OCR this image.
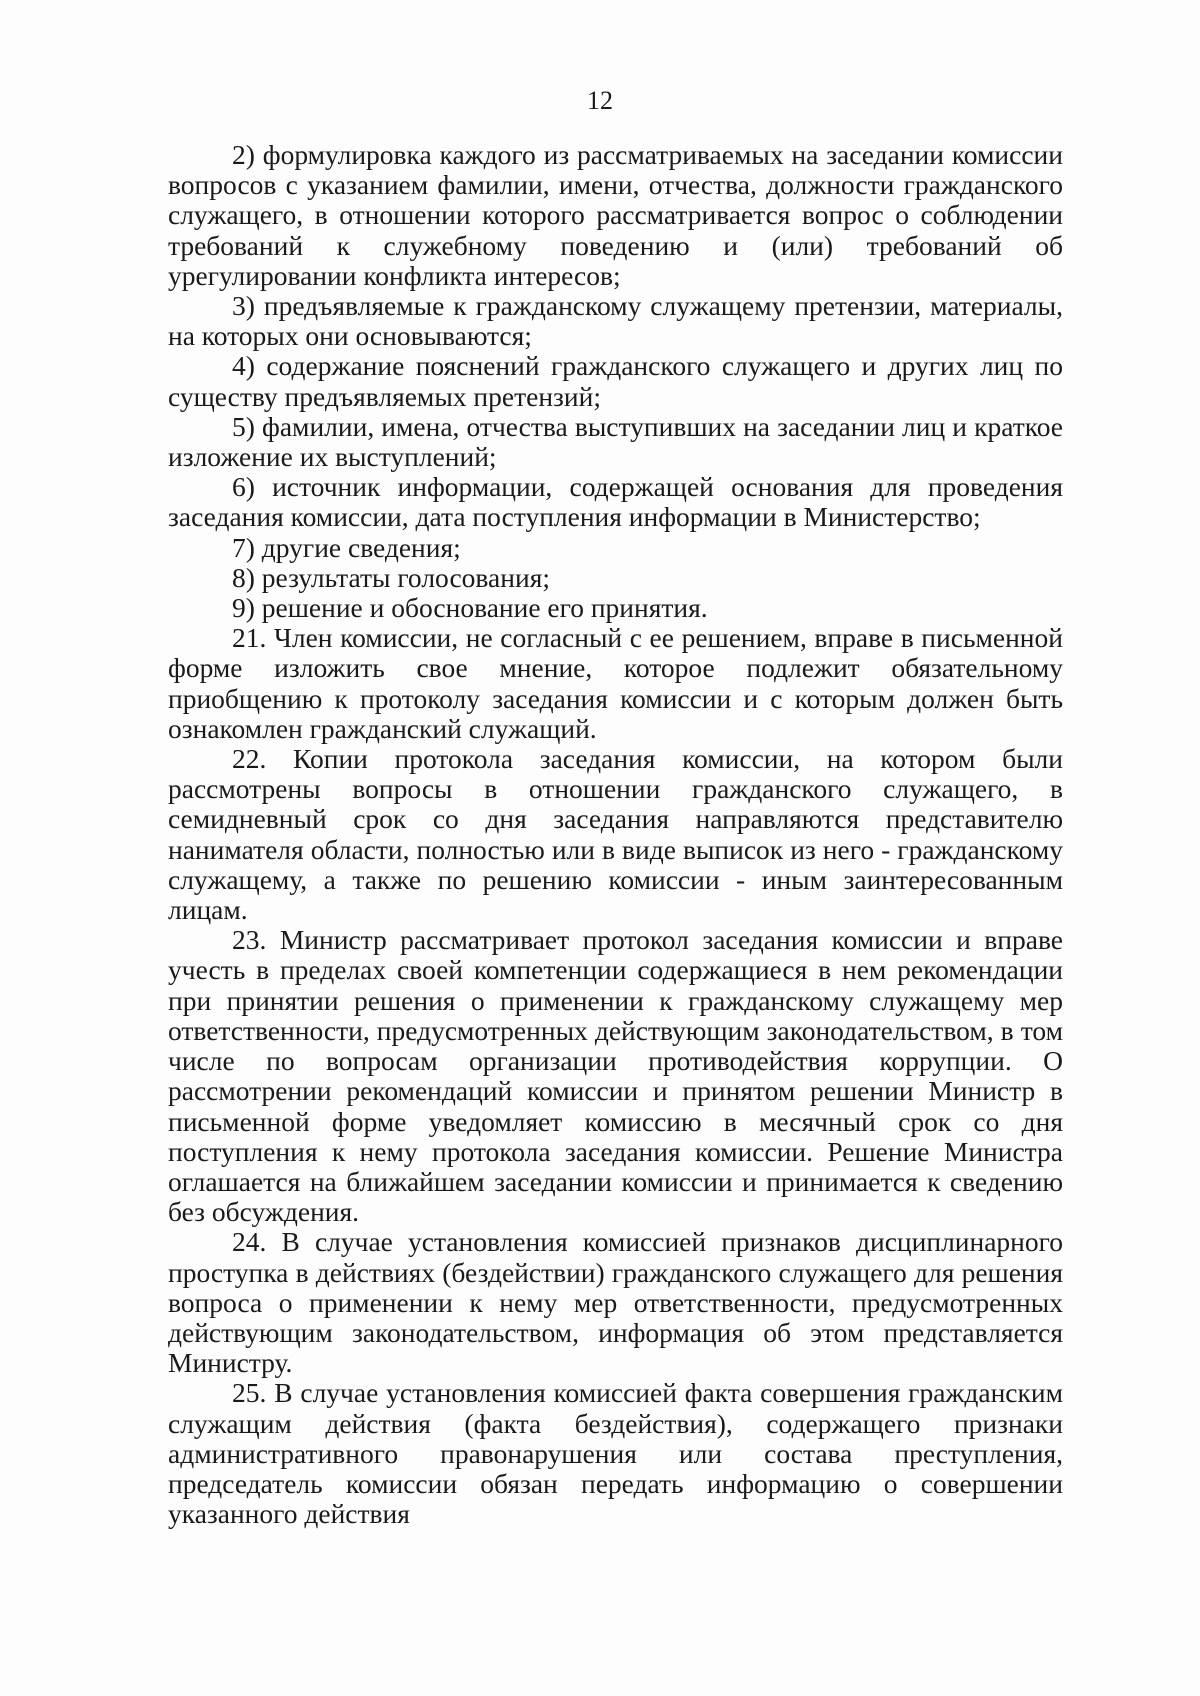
12

2) формулировка каждого из рассматриваемых на заседании комиссии вопросов с указанием фамилии, имени, отчества, должности гражданского служащего, в отношении которого рассматривается вопрос о соблюдении требований к служебному поведению и (или) требований об урегулировании конфликта интересов;

3) предъявляемые к гражданскому служащему претензии, материалы, на которых они основываются;

4) содержание пояснений гражданского служащего и других лиц по существу предъявляемых претензий;

5) фамилии, имена, отчества выступивших на заседании лиц и краткое изложение их выступлений;

6) источник информации, содержащей основания для проведения заседания комиссии, дата поступления информации в Министерство;

7) другие сведения;

8) результаты голосования;

9) решение и обоснование его принятия.

21. Член комиссии, не согласный с ее решением, вправе в письменной форме изложить свое мнение, которое подлежит обязательному приобщению к протоколу заседания комиссии и с которым должен быть ознакомлен гражданский служащий.

22. Копии протокола заседания комиссии, на котором были рассмотрены вопросы в отношении гражданского служащего, в семидневный срок со дня заседания направляются представителю нанимателя области, полностью или в виде выписок из него - гражданскому служащему, а также по решению комиссии - иным заинтересованным лицам.

23. Министр рассматривает протокол заседания комиссии и вправе учесть в пределах своей компетенции содержащиеся в нем рекомендации при принятии решения о применении к гражданскому служащему мер ответственности, предусмотренных действующим законодательством, в том числе по вопросам организации противодействия коррупции. О рассмотрении рекомендаций комиссии и принятом решении Министр в письменной форме уведомляет комиссию в месячный срок со дня поступления к нему протокола заседания комиссии. Решение Министра оглашается на ближайшем заседании комиссии и принимается к сведению без обсуждения.

24. В случае установления комиссией признаков дисциплинарного проступка в действиях (бездействии) гражданского служащего для решения вопроса о применении к нему мер ответственности, предусмотренных действующим законодательством, информация об этом представляется Министру.

25. В случае установления комиссией факта совершения гражданским служащим действия (факта бездействия), содержащего признаки административного правонарушения или состава преступления, председатель комиссии обязан передать информацию о совершении указанного действия
